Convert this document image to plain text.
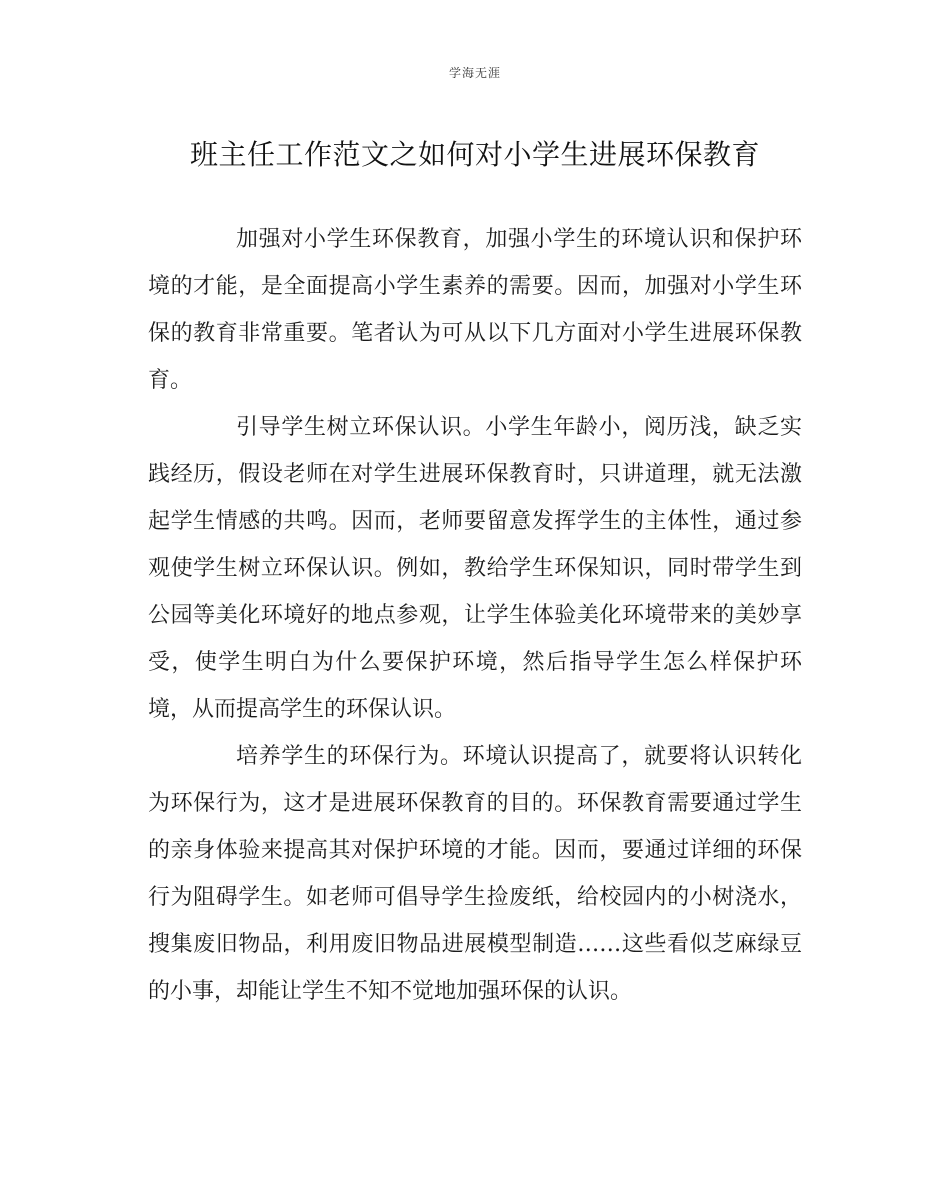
学海无涯
班主任工作范文之如何对小学生进展环保教育

加强对小学生环保教育，加强小学生的环境认识和保护环境的才能，是全面提高小学生素养的需要。因而，加强对小学生环保的教育非常重要。笔者认为可从以下几方面对小学生进展环保教育。

引导学生树立环保认识。小学生年龄小，阅历浅，缺乏实践经历，假设老师在对学生进展环保教育时，只讲道理，就无法激起学生情感的共鸣。因而，老师要留意发挥学生的主体性，通过参观使学生树立环保认识。例如，教给学生环保知识，同时带学生到公园等美化环境好的地点参观，让学生体验美化环境带来的美妙享受，使学生明白为什么要保护环境，然后指导学生怎么样保护环境，从而提高学生的环保认识。

培养学生的环保行为。环境认识提高了，就要将认识转化为环保行为，这才是进展环保教育的目的。环保教育需要通过学生的亲身体验来提高其对保护环境的才能。因而，要通过详细的环保行为阻碍学生。如老师可倡导学生捡废纸，给校园内的小树浇水，搜集废旧物品，利用废旧物品进展模型制造……这些看似芝麻绿豆的小事，却能让学生不知不觉地加强环保的认识。
